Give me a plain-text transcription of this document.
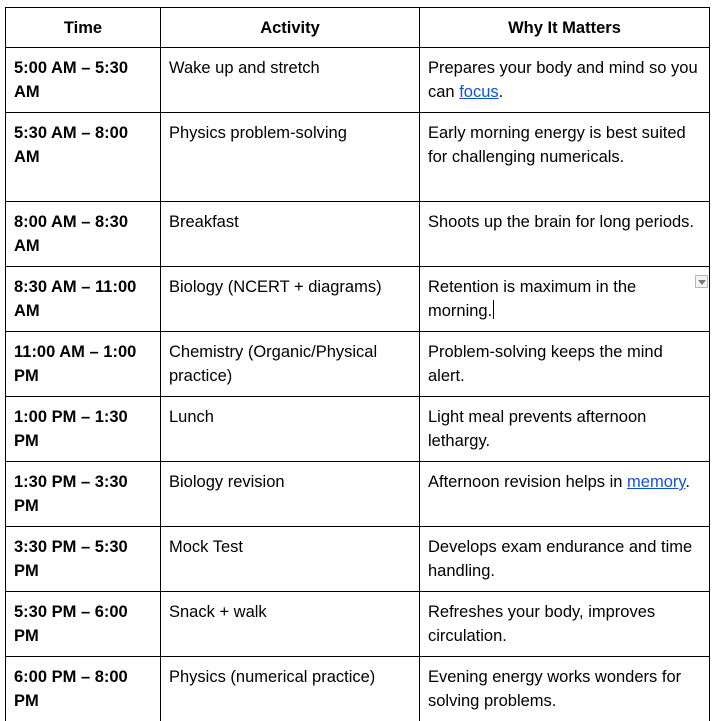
Time	Activity	Why It Matters
5:00 AM – 5:30 AM	Wake up and stretch	Prepares your body and mind so you can focus.
5:30 AM – 8:00 AM	Physics problem-solving	Early morning energy is best suited for challenging numericals.
8:00 AM – 8:30 AM	Breakfast	Shoots up the brain for long periods.
8:30 AM – 11:00 AM	Biology (NCERT + diagrams)	Retention is maximum in the morning.

11:00 AM – 1:00 PM	Chemistry (Organic/Physical practice)	Problem-solving keeps the mind alert.
1:00 PM – 1:30 PM	Lunch	Light meal prevents afternoon lethargy.
1:30 PM – 3:30 PM	Biology revision	Afternoon revision helps in memory.
3:30 PM – 5:30 PM	Mock Test	Develops exam endurance and time handling.
5:30 PM – 6:00 PM	Snack + walk	Refreshes your body, improves circulation.
6:00 PM – 8:00 PM	Physics (numerical practice)	Evening energy works wonders for solving problems.
